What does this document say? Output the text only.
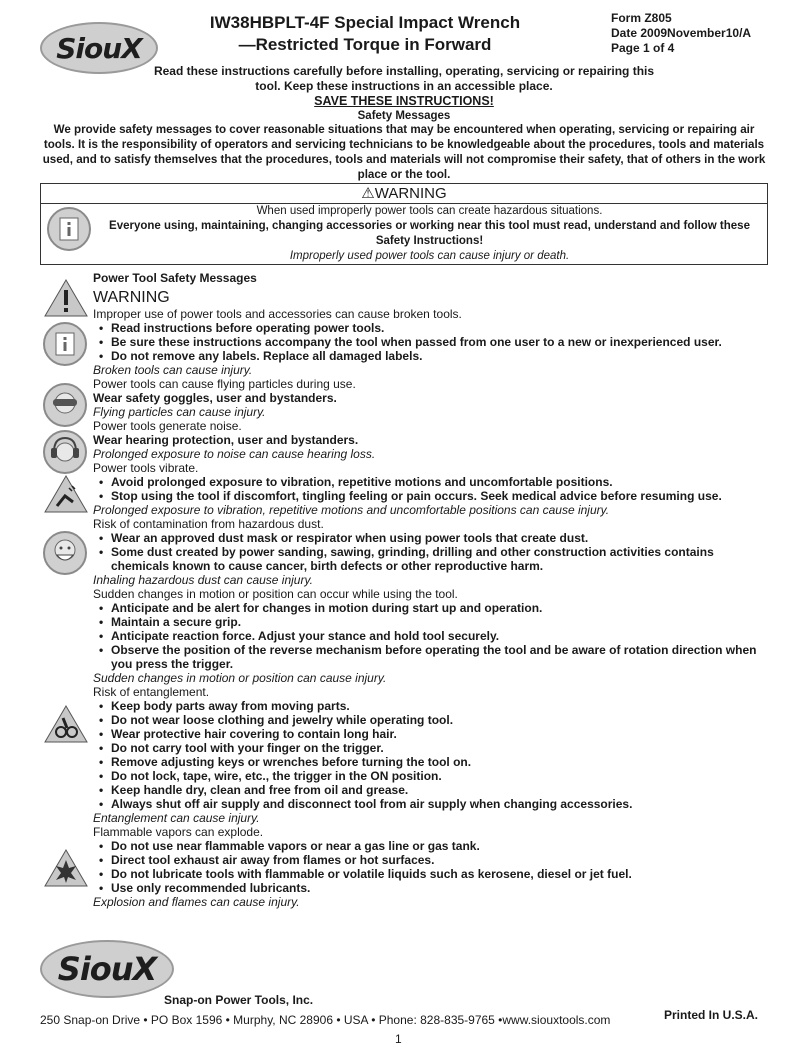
SiouX
IW38HBPLT-4F Special Impact Wrench
—Restricted Torque in Forward
Form Z805
Date 2009November10/A
Page 1 of 4
Read these instructions carefully before installing, operating, servicing or repairing this
tool. Keep these instructions in an accessible place.
SAVE THESE INSTRUCTIONS!
Safety Messages
We provide safety messages to cover reasonable situations that may be encountered when operating, servicing or repairing air tools. It is the responsibility of operators and servicing technicians to be knowledgeable about the procedures, tools and materials used, and to satisfy themselves that the procedures, tools and materials will not compromise their safety, that of others in the work place or the tool.
⚠WARNING
When used improperly power tools can create hazardous situations.
Everyone using, maintaining, changing accessories or working near this tool must read, understand and follow these Safety Instructions!
Improperly used power tools can cause injury or death.

Power Tool Safety Messages

WARNING

Improper use of power tools and accessories can cause broken tools.

• Read instructions before operating power tools.
• Be sure these instructions accompany the tool when passed from one user to a new or inexperienced user.
• Do not remove any labels. Replace all damaged labels.

Broken tools can cause injury.

Power tools can cause flying particles during use.

Wear safety goggles, user and bystanders.

Flying particles can cause injury.

Power tools generate noise.

Wear hearing protection, user and bystanders.

Prolonged exposure to noise can cause hearing loss.

Power tools vibrate.

• Avoid prolonged exposure to vibration, repetitive motions and uncomfortable positions.
• Stop using the tool if discomfort, tingling feeling or pain occurs. Seek medical advice before resuming use.

Prolonged exposure to vibration, repetitive motions and uncomfortable positions can cause injury.

Risk of contamination from hazardous dust.

• Wear an approved dust mask or respirator when using power tools that create dust.
• Some dust created by power sanding, sawing, grinding, drilling and other construction activities contains chemicals known to cause cancer, birth defects or other reproductive harm.

Inhaling hazardous dust can cause injury.

Sudden changes in motion or position can occur while using the tool.

• Anticipate and be alert for changes in motion during start up and operation.
• Maintain a secure grip.
• Anticipate reaction force. Adjust your stance and hold tool securely.
• Observe the position of the reverse mechanism before operating the tool and be aware of rotation direction when you press the trigger.

Sudden changes in motion or position can cause injury.

Risk of entanglement.

• Keep body parts away from moving parts.
• Do not wear loose clothing and jewelry while operating tool.
• Wear protective hair covering to contain long hair.
• Do not carry tool with your finger on the trigger.
• Remove adjusting keys or wrenches before turning the tool on.
• Do not lock, tape, wire, etc., the trigger in the ON position.
• Keep handle dry, clean and free from oil and grease.
• Always shut off air supply and disconnect tool from air supply when changing accessories.

Entanglement can cause injury.

Flammable vapors can explode.

• Do not use near flammable vapors or near a gas line or gas tank.
• Direct tool exhaust air away from flames or hot surfaces.
• Do not lubricate tools with flammable or volatile liquids such as kerosene, diesel or jet fuel.
• Use only recommended lubricants.

Explosion and flames can cause injury.

SiouX
Snap-on Power Tools, Inc.
250 Snap-on Drive • PO Box 1596 • Murphy, NC 28906 • USA • Phone: 828-835-9765 •www.siouxtools.com	Printed In U.S.A.
1
